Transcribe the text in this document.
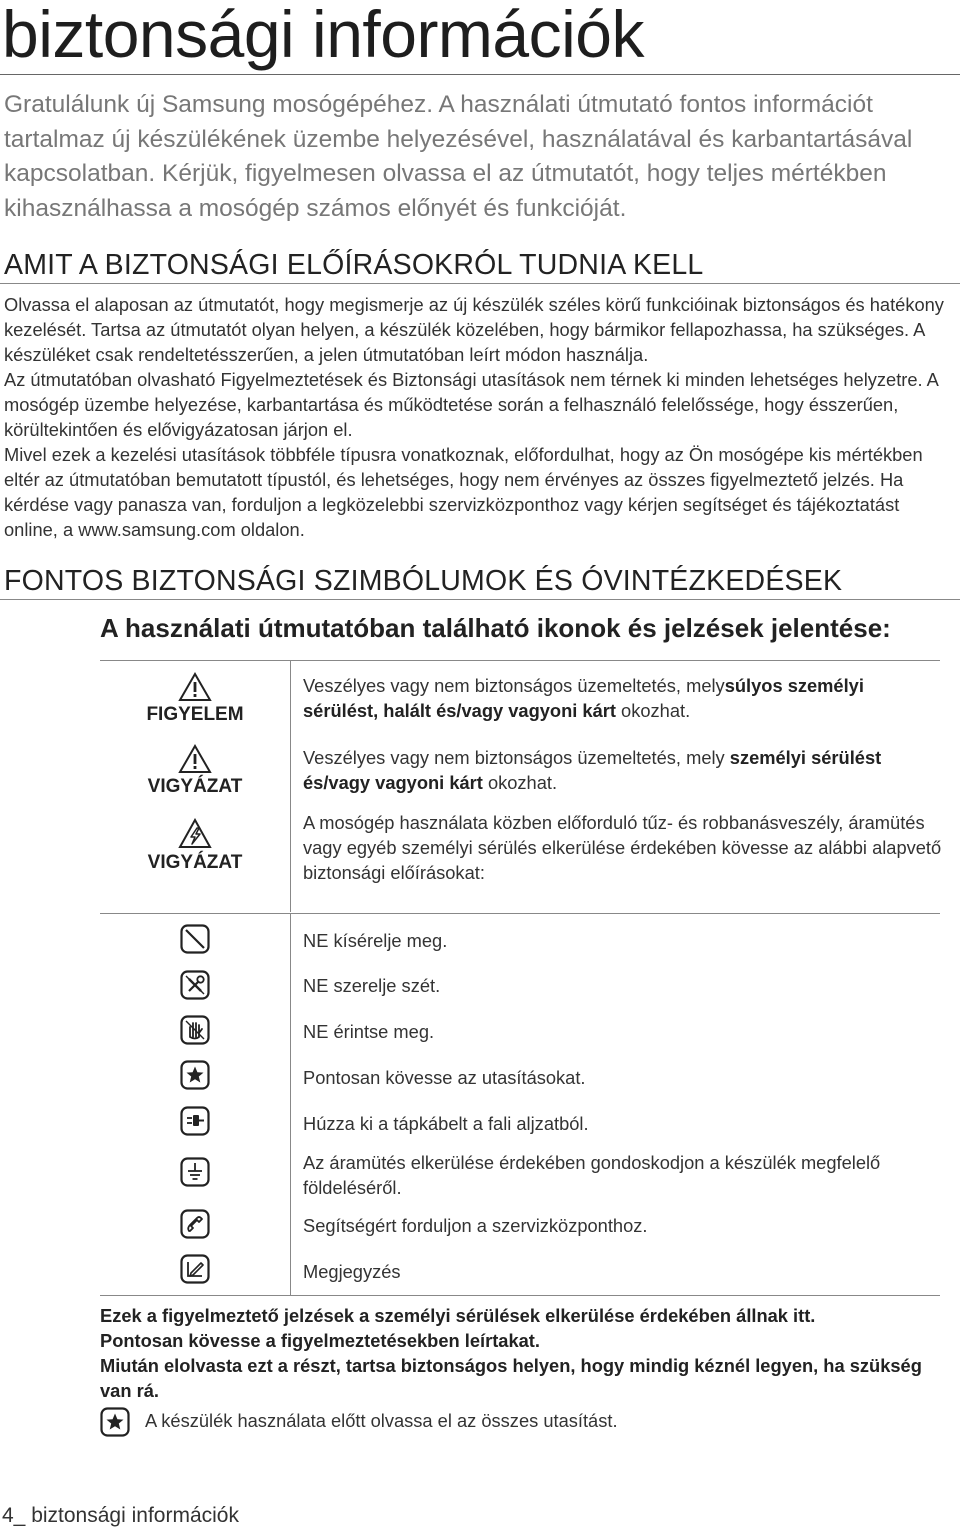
biztonsági információk

Gratulálunk új Samsung mosógépéhez. A használati útmutató fontos információt tartalmaz új készülékének üzembe helyezésével, használatával és karbantartásával kapcsolatban. Kérjük, figyelmesen olvassa el az útmutatót, hogy teljes mértékben kihasználhassa a mosógép számos előnyét és funkcióját.

AMIT A BIZTONSÁGI ELŐÍRÁSOKRÓL TUDNIA KELL
Olvassa el alaposan az útmutatót, hogy megismerje az új készülék széles körű funkcióinak biztonságos és hatékony kezelését. Tartsa az útmutatót olyan helyen, a készülék közelében, hogy bármikor fellapozhassa, ha szükséges. A készüléket csak rendeltetésszerűen, a jelen útmutatóban leírt módon használja.
Az útmutatóban olvasható Figyelmeztetések és Biztonsági utasítások nem térnek ki minden lehetséges helyzetre. A mosógép üzembe helyezése, karbantartása és működtetése során a felhasználó felelőssége, hogy ésszerűen, körültekintően és elővigyázatosan járjon el.
Mivel ezek a kezelési utasítások többféle típusra vonatkoznak, előfordulhat, hogy az Ön mosógépe kis mértékben eltér az útmutatóban bemutatott típustól, és lehetséges, hogy nem érvényes az összes figyelmeztető jelzés. Ha kérdése vagy panasza van, forduljon a legközelebbi szervizközponthoz vagy kérjen segítséget és tájékoztatást online, a www.samsung.com oldalon.
FONTOS BIZTONSÁGI SZIMBÓLUMOK ÉS ÓVINTÉZKEDÉSEK
A használati útmutatóban található ikonok és jelzések jelentése:
FIGYELEM

Veszélyes vagy nem biztonságos üzemeltetés, melysúlyos személyi sérülést, halált és/vagy vagyoni kárt okozhat.

VIGYÁZAT

Veszélyes vagy nem biztonságos üzemeltetés, mely személyi sérülést és/vagy vagyoni kárt okozhat.

VIGYÁZAT

A mosógép használata közben előforduló tűz- és robbanásveszély, áramütés vagy egyéb személyi sérülés elkerülése érdekében kövesse az alábbi alapvető biztonsági előírásokat:

NE kísérelje meg.

NE szerelje szét.

NE érintse meg.

Pontosan kövesse az utasításokat.

Húzza ki a tápkábelt a fali aljzatból.

Az áramütés elkerülése érdekében gondoskodjon a készülék megfelelő földeléséről.

Segítségért forduljon a szervizközponthoz.

Megjegyzés

Ezek a figyelmeztető jelzések a személyi sérülések elkerülése érdekében állnak itt.
Pontosan kövesse a figyelmeztetésekben leírtakat.
Miután elolvasta ezt a részt, tartsa biztonságos helyen, hogy mindig kéznél legyen, ha szükség van rá.

A készülék használata előtt olvassa el az összes utasítást.

4_ biztonsági információk
